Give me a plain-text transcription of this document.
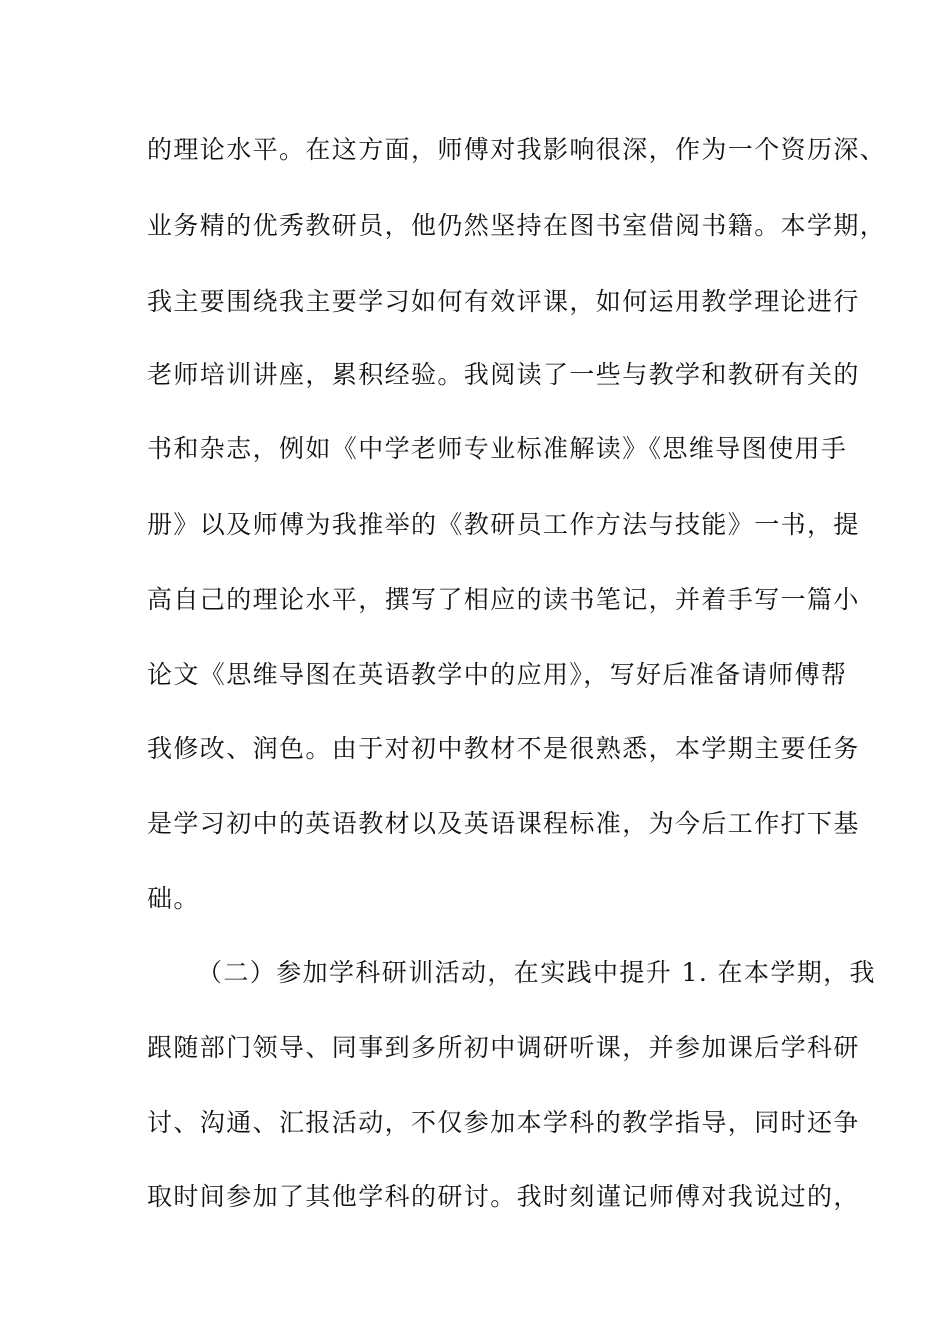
的理论水平。在这方面，师傅对我影响很深，作为一个资历深、
业务精的优秀教研员，他仍然坚持在图书室借阅书籍。本学期，
我主要围绕我主要学习如何有效评课，如何运用教学理论进行
老师培训讲座，累积经验。我阅读了一些与教学和教研有关的
书和杂志，例如《中学老师专业标准解读》《思维导图使用手
册》以及师傅为我推举的《教研员工作方法与技能》一书，提
高自己的理论水平，撰写了相应的读书笔记，并着手写一篇小
论文《思维导图在英语教学中的应用》，写好后准备请师傅帮
我修改、润色。由于对初中教材不是很熟悉，本学期主要任务
是学习初中的英语教材以及英语课程标准，为今后工作打下基
础。
（二）参加学科研训活动，在实践中提升 1. 在本学期，我
跟随部门领导、同事到多所初中调研听课，并参加课后学科研
讨、沟通、汇报活动，不仅参加本学科的教学指导，同时还争
取时间参加了其他学科的研讨。我时刻谨记师傅对我说过的，
